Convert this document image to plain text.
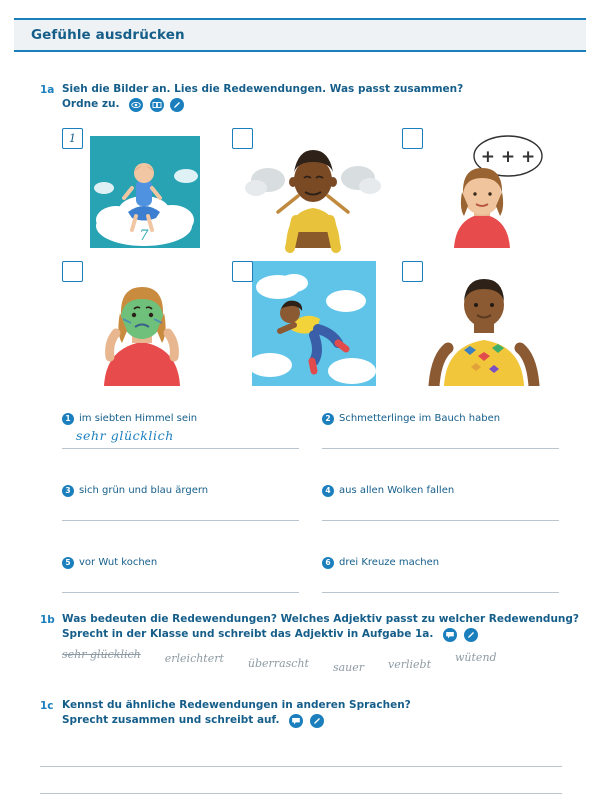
Gefühle ausdrücken
1a Sieh die Bilder an. Lies die Redewendungen. Was passt zusammen?
Ordne zu.

1
7
+ + +
1 im siebten Himmel sein
sehr glücklich
2 Schmetterlinge im Bauch haben
3 sich grün und blau ärgern	4 aus allen Wolken fallen
5 vor Wut kochen	6 drei Kreuze machen
1b Was bedeuten die Redewendungen? Welches Adjektiv passt zu welcher Redewendung?
Sprecht in der Klasse und schreibt das Adjektiv in Aufgabe 1a.

sehr glücklich erleichtert überrascht sauer verliebt
wütend
1c Kennst du ähnliche Redewendungen in anderen Sprachen?
Sprecht zusammen und schreibt auf.
